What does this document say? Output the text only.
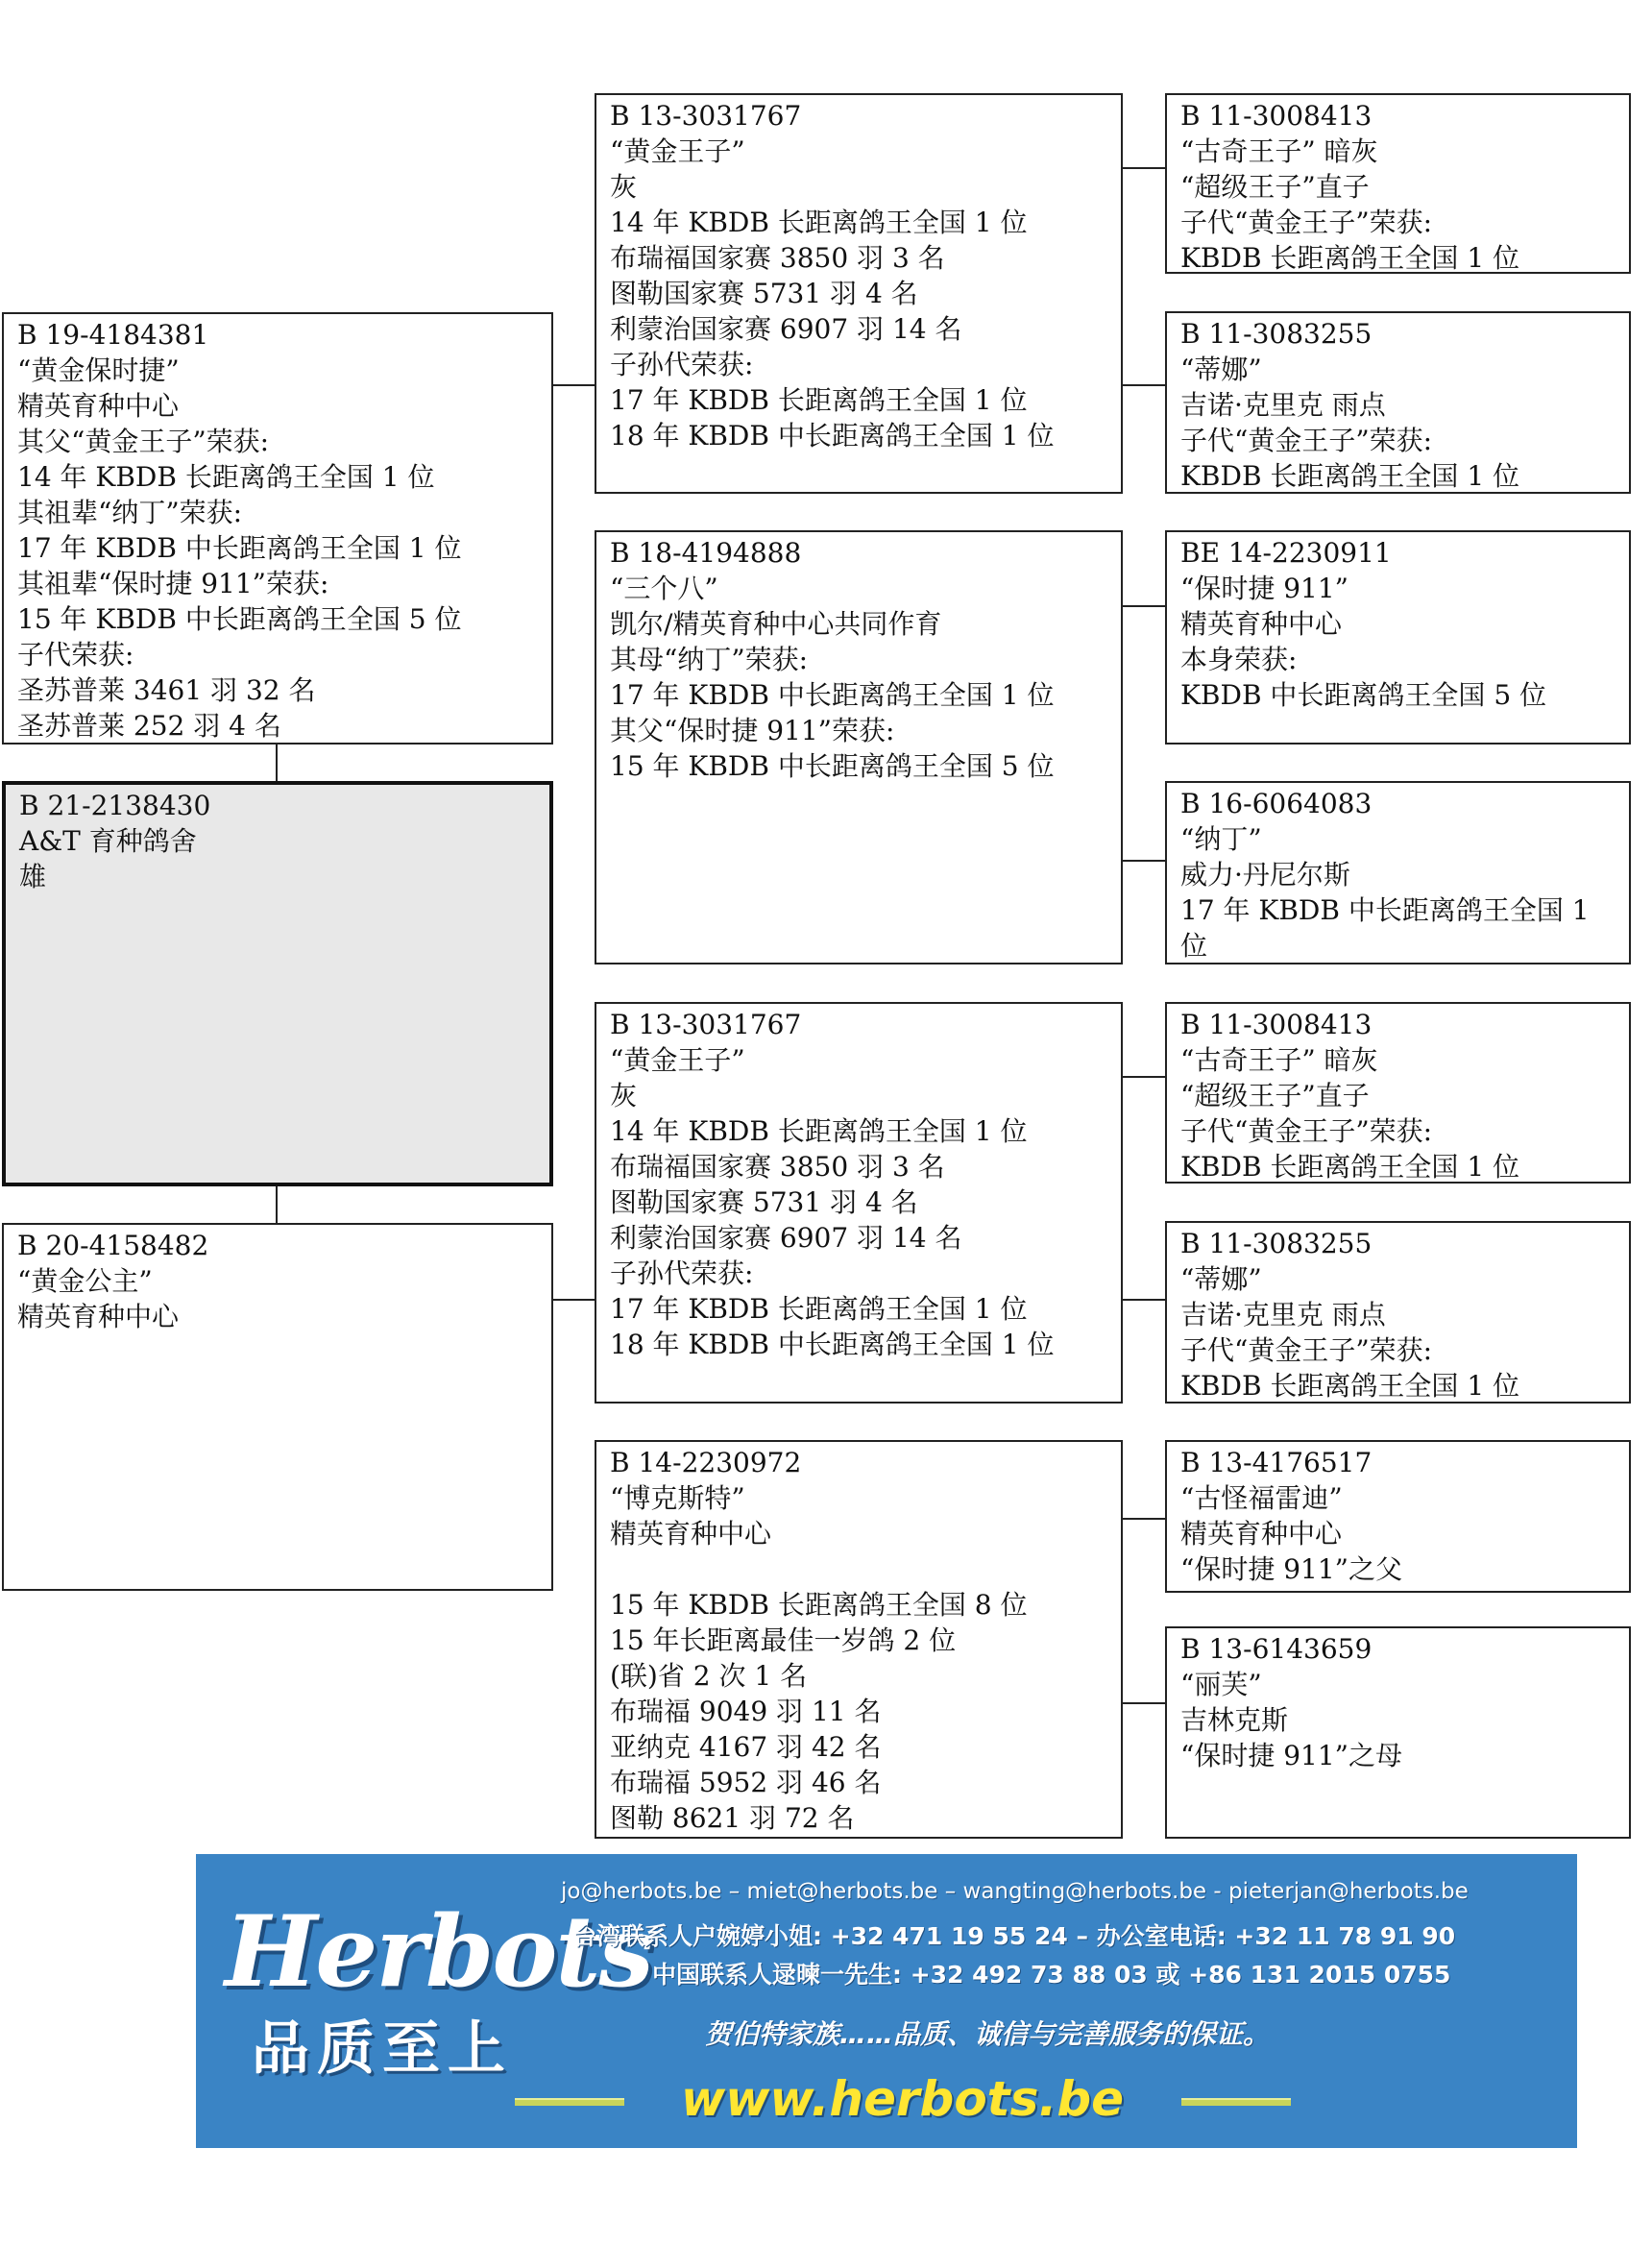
B 19-4184381
“黄金保时捷”
精英育种中心
其父“黄金王子”荣获:
14 年 KBDB 长距离鸽王全国 1 位
其祖辈“纳丁”荣获:
17 年 KBDB 中长距离鸽王全国 1 位
其祖辈“保时捷 911”荣获:
15 年 KBDB 中长距离鸽王全国 5 位
子代荣获:
圣苏普莱 3461 羽 32 名
圣苏普莱 252 羽 4 名
B 21-2138430
A&T 育种鸽舍
雄
B 20-4158482
“黄金公主”
精英育种中心
B 13-3031767
“黄金王子”
灰
14 年 KBDB 长距离鸽王全国 1 位
布瑞福国家赛 3850 羽 3 名
图勒国家赛 5731 羽 4 名
利蒙治国家赛 6907 羽 14 名
子孙代荣获:
17 年 KBDB 长距离鸽王全国 1 位
18 年 KBDB 中长距离鸽王全国 1 位
B 18-4194888
“三个八”
凯尔/精英育种中心共同作育
其母“纳丁”荣获:
17 年 KBDB 中长距离鸽王全国 1 位
其父“保时捷 911”荣获:
15 年 KBDB 中长距离鸽王全国 5 位
B 13-3031767
“黄金王子”
灰
14 年 KBDB 长距离鸽王全国 1 位
布瑞福国家赛 3850 羽 3 名
图勒国家赛 5731 羽 4 名
利蒙治国家赛 6907 羽 14 名
子孙代荣获:
17 年 KBDB 长距离鸽王全国 1 位
18 年 KBDB 中长距离鸽王全国 1 位
B 14-2230972
“博克斯特”
精英育种中心

15 年 KBDB 长距离鸽王全国 8 位
15 年长距离最佳一岁鸽 2 位
(联)省 2 次 1 名
布瑞福 9049 羽 11 名
亚纳克 4167 羽 42 名
布瑞福 5952 羽 46 名
图勒 8621 羽 72 名
B 11-3008413
“古奇王子” 暗灰
“超级王子”直子
子代“黄金王子”荣获:
KBDB 长距离鸽王全国 1 位
B 11-3083255
“蒂娜”
吉诺·克里克 雨点
子代“黄金王子”荣获:
KBDB 长距离鸽王全国 1 位
BE 14-2230911
“保时捷 911”
精英育种中心
本身荣获:
KBDB 中长距离鸽王全国 5 位
B 16-6064083
“纳丁”
威力·丹尼尔斯
17 年 KBDB 中长距离鸽王全国 1 位
B 11-3008413
“古奇王子” 暗灰
“超级王子”直子
子代“黄金王子”荣获:
KBDB 长距离鸽王全国 1 位
B 11-3083255
“蒂娜”
吉诺·克里克 雨点
子代“黄金王子”荣获:
KBDB 长距离鸽王全国 1 位
B 13-4176517
“古怪福雷迪”
精英育种中心
“保时捷 911”之父
B 13-6143659
“丽芙”
吉林克斯
“保时捷 911”之母
Herbots
品质至上
jo@herbots.be – miet@herbots.be – wangting@herbots.be - pieterjan@herbots.be
台湾联系人户婉婷小姐: +32 471 19 55 24 – 办公室电话: +32 11 78 91 90
中国联系人逯暕一先生: +32 492 73 88 03 或 +86 131 2015 0755
贺伯特家族……品质、诚信与完善服务的保证。
www.herbots.be
